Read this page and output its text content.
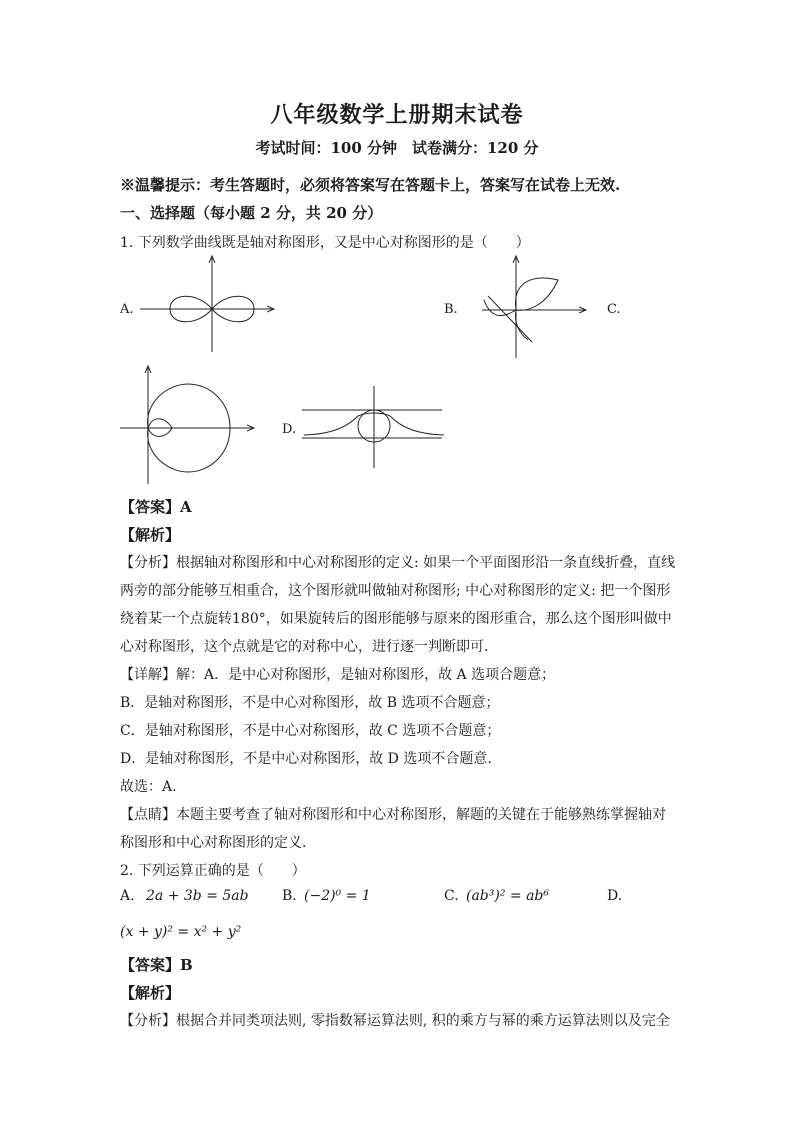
八年级数学上册期末试卷
考试时间：100 分钟　试卷满分：120 分
※温馨提示：考生答题时，必须将答案写在答题卡上，答案写在试卷上无效.
一、选择题（每小题 2 分，共 20 分）
1. 下列数学曲线既是轴对称图形，又是中心对称图形的是（　　）
A.	B.	C.
D.
【答案】A
【解析】
【分析】根据轴对称图形和中心对称图形的定义: 如果一个平面图形沿一条直线折叠，直线
两旁的部分能够互相重合，这个图形就叫做轴对称图形; 中心对称图形的定义: 把一个图形
绕着某一个点旋转180°，如果旋转后的图形能够与原来的图形重合，那么这个图形叫做中
心对称图形，这个点就是它的对称中心，进行逐一判断即可.
【详解】解：A．是中心对称图形，是轴对称图形，故 A 选项合题意；
B．是轴对称图形，不是中心对称图形，故 B 选项不合题意；
C．是轴对称图形，不是中心对称图形，故 C 选项不合题意；
D．是轴对称图形，不是中心对称图形，故 D 选项不合题意.
故选：A.
【点睛】本题主要考查了轴对称图形和中心对称图形，解题的关键在于能够熟练掌握轴对
称图形和中心对称图形的定义.
2. 下列运算正确的是（　　）
A. 2a + 3b = 5ab B. (−2)⁰ = 1	C. (ab³)² = ab⁶	D.
(x + y)² = x² + y²
【答案】B
【解析】
【分析】根据合并同类项法则, 零指数幂运算法则, 积的乘方与幂的乘方运算法则以及完全
